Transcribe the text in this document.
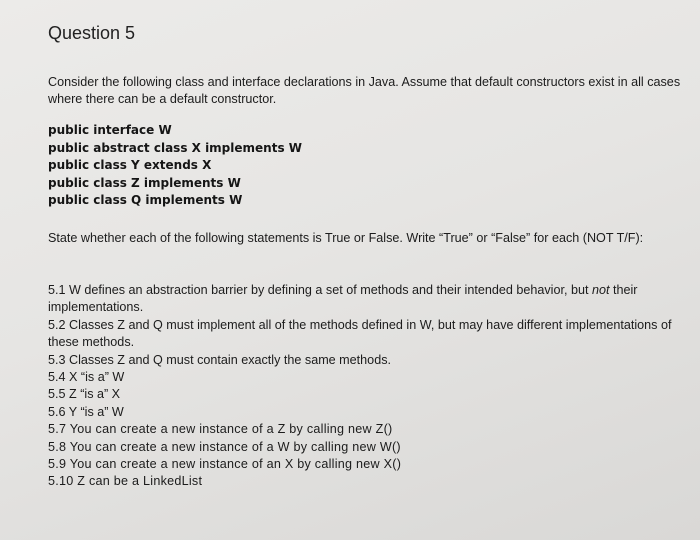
Question 5
Consider the following class and interface declarations in Java. Assume that default constructors exist in all cases where there can be a default constructor.
public interface W
public abstract class X implements W
public class Y extends X
public class Z implements W
public class Q implements W
State whether each of the following statements is True or False. Write “True” or “False” for each (NOT T/F):
5.1 W defines an abstraction barrier by defining a set of methods and their intended behavior, but not their implementations.
5.2 Classes Z and Q must implement all of the methods defined in W, but may have different implementations of these methods.
5.3 Classes Z and Q must contain exactly the same methods.
5.4 X “is a” W
5.5 Z “is a” X
5.6 Y “is a” W
5.7 You can create a new instance of a Z by calling new Z()
5.8 You can create a new instance of a W by calling new W()
5.9 You can create a new instance of an X by calling new X()
5.10 Z can be a LinkedList
